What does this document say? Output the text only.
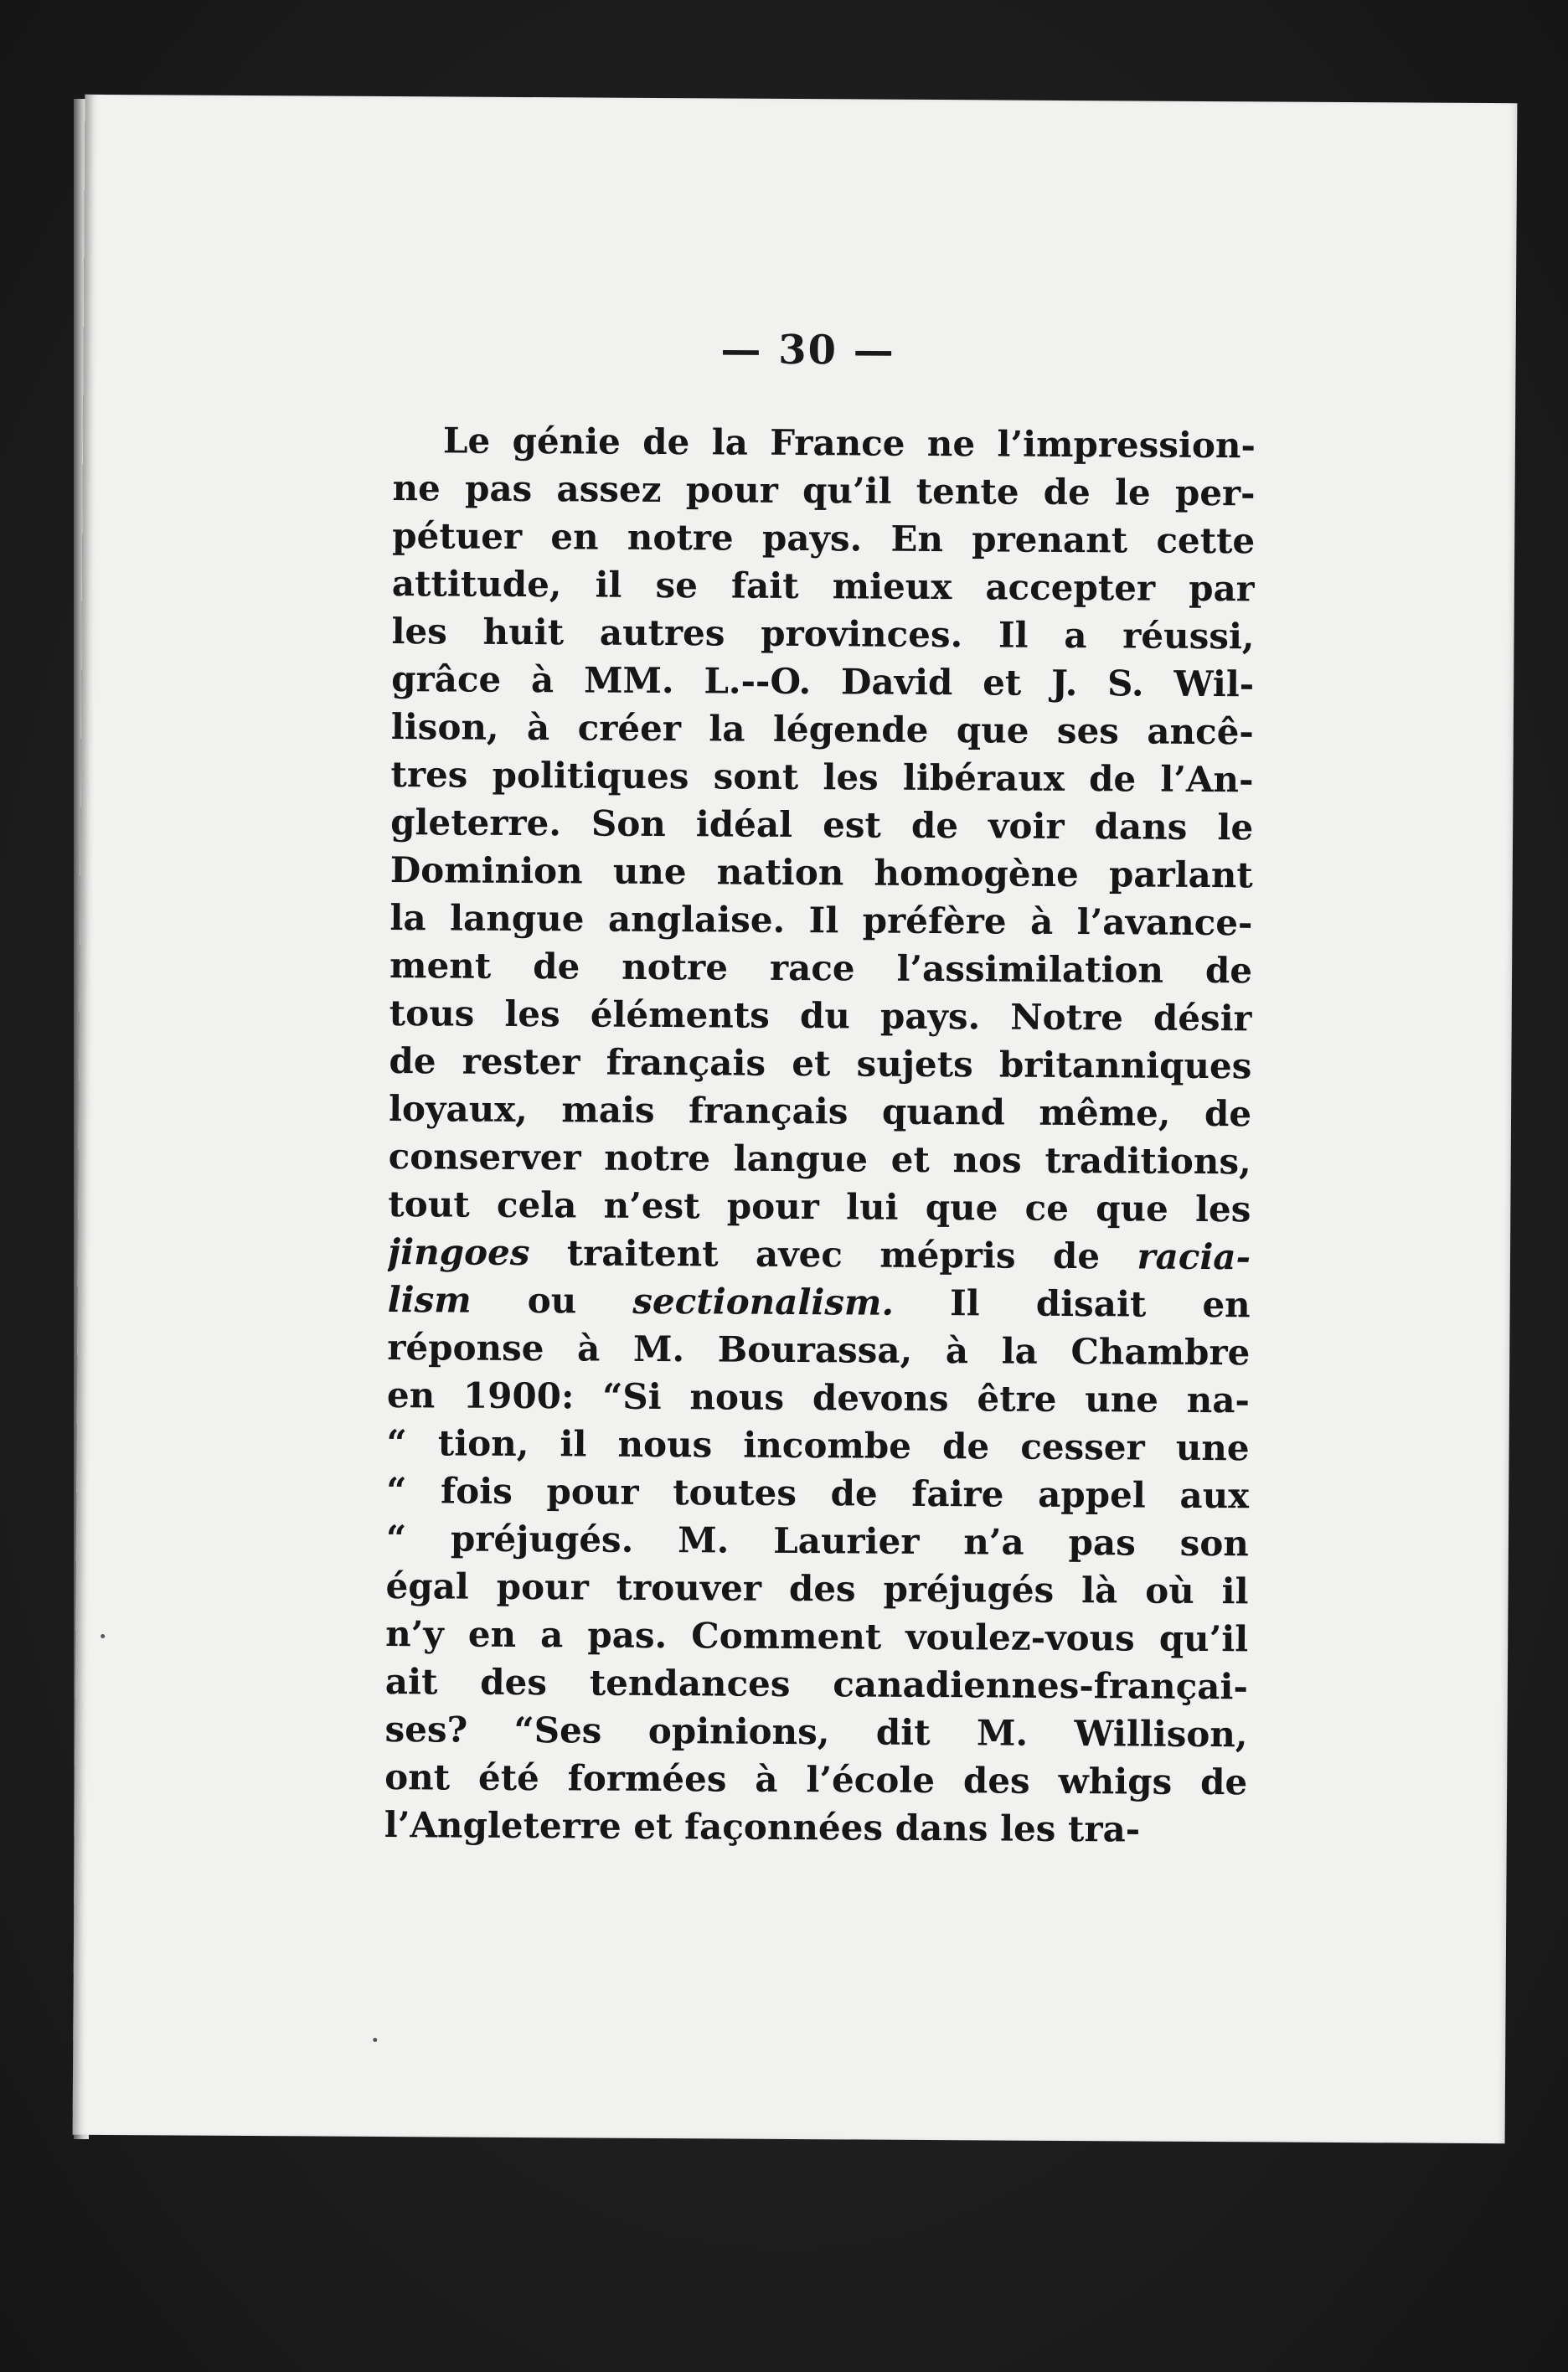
— 30 —
Le génie de la France ne l’impression-
ne pas assez pour qu’il tente de le per-
pétuer en notre pays. En prenant cette
attitude, il se fait mieux accepter par
les huit autres provinces. Il a réussi,
grâce à MM. L.--O. David et J. S. Wil-
lison, à créer la légende que ses ancê-
tres politiques sont les libéraux de l’An-
gleterre. Son idéal est de voir dans le
Dominion une nation homogène parlant
la langue anglaise. Il préfère à l’avance-
ment de notre race l’assimilation de
tous les éléments du pays. Notre désir
de rester français et sujets britanniques
loyaux, mais français quand même, de
conserver notre langue et nos traditions,
tout cela n’est pour lui que ce que les
jingoes traitent avec mépris de racia-
lism ou sectionalism. Il disait en
réponse à M. Bourassa, à la Chambre
en 1900: “Si nous devons être une na-
“ tion, il nous incombe de cesser une
“ fois pour toutes de faire appel aux
“ préjugés. M. Laurier n’a pas son
égal pour trouver des préjugés là où il
n’y en a pas. Comment voulez-vous qu’il
ait des tendances canadiennes-françai-
ses? “Ses opinions, dit M. Willison,
ont été formées à l’école des whigs de
l’Angleterre et façonnées dans les tra-
